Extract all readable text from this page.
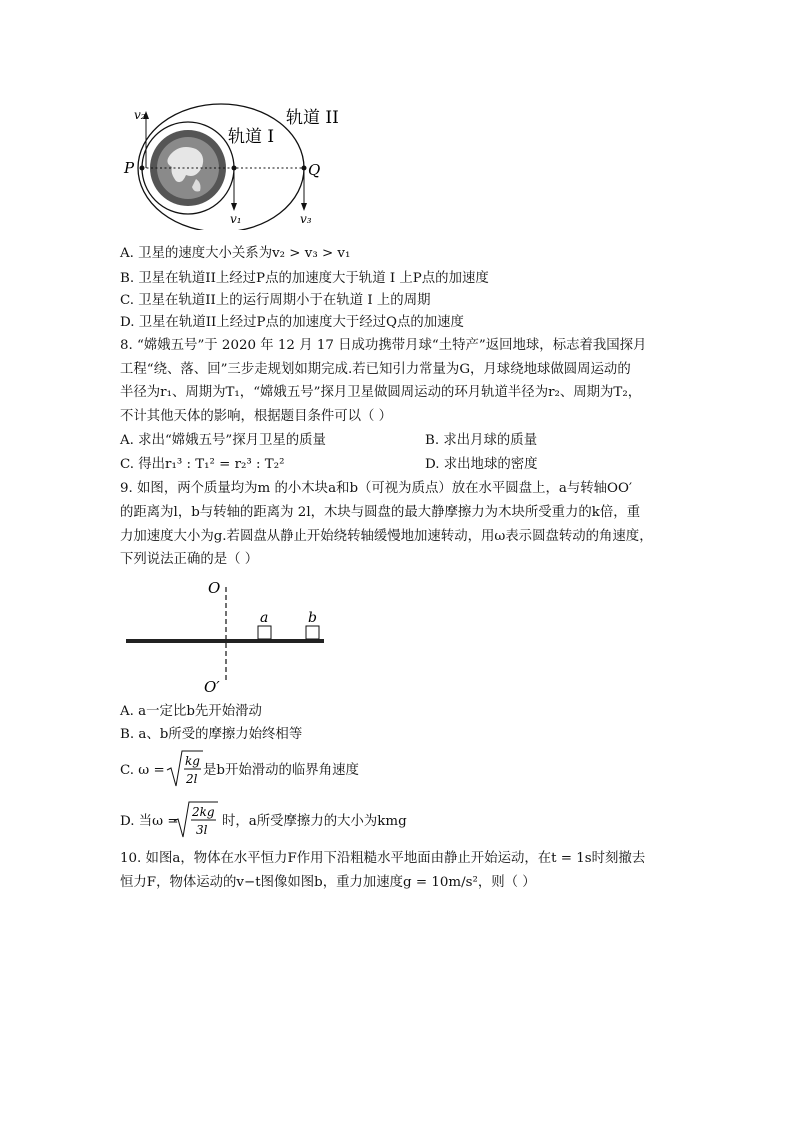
v₂
P	Q
v₁	v₃
轨道 I
轨道 II
A. 卫星的速度大小关系为v₂ > v₃ > v₁
B. 卫星在轨道II上经过P点的加速度大于轨道 I 上P点的加速度
C. 卫星在轨道II上的运行周期小于在轨道 I 上的周期
D. 卫星在轨道II上经过P点的加速度大于经过Q点的加速度
8. “嫦娥五号”于 2020 年 12 月 17 日成功携带月球“土特产”返回地球，标志着我国探月
工程“绕、落、回”三步走规划如期完成.若已知引力常量为G，月球绕地球做圆周运动的
半径为r₁、周期为T₁，“嫦娥五号”探月卫星做圆周运动的环月轨道半径为r₂、周期为T₂，
不计其他天体的影响，根据题目条件可以（ ）
A. 求出“嫦娥五号”探月卫星的质量	B. 求出月球的质量
C. 得出r₁³ : T₁² = r₂³ : T₂²	D. 求出地球的密度
9. 如图，两个质量均为m 的小木块a和b（可视为质点）放在水平圆盘上，a与转轴OO′
的距离为l，b与转轴的距离为 2l，木块与圆盘的最大静摩擦力为木块所受重力的k倍，重
力加速度大小为g.若圆盘从静止开始绕转轴缓慢地加速转动，用ω表示圆盘转动的角速度，
下列说法正确的是（ ）
O
O′
a	b
A. a一定比b先开始滑动
B. a、b所受的摩擦力始终相等
C. ω =
kg
2l
是b开始滑动的临界角速度
D. 当ω =
2kg
3l
时，a所受摩擦力的大小为kmg
10. 如图a，物体在水平恒力F作用下沿粗糙水平地面由静止开始运动，在t = 1s时刻撤去
恒力F，物体运动的v−t图像如图b，重力加速度g = 10m/s²，则（ ）
